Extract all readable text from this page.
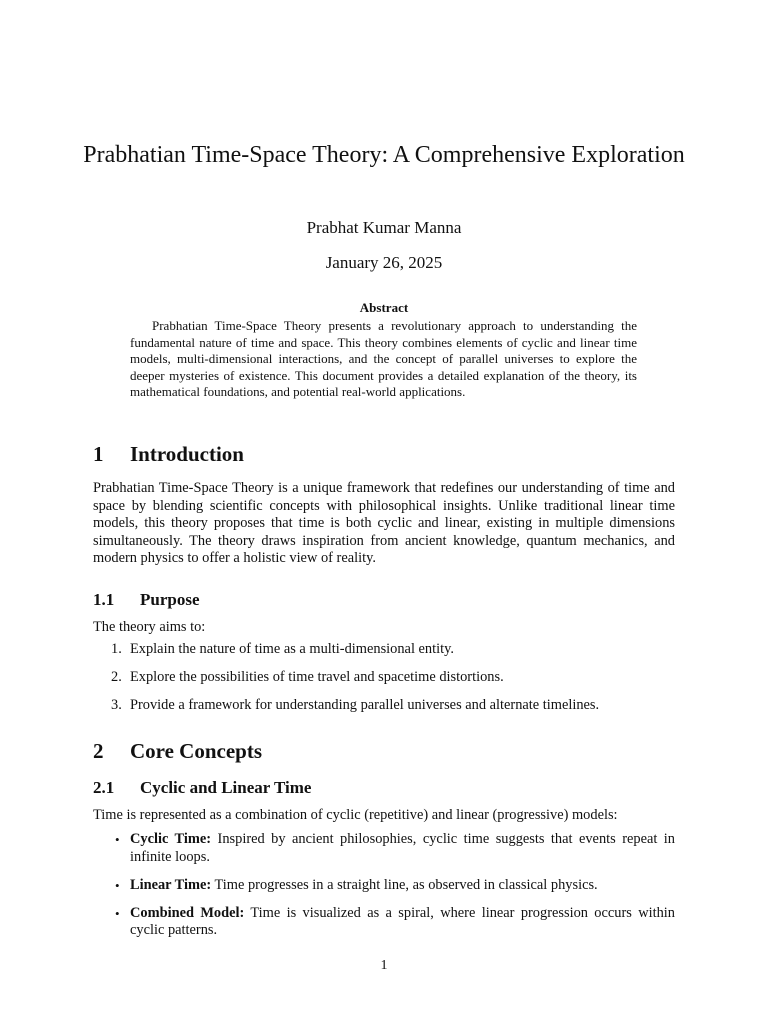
Prabhatian Time-Space Theory: A Comprehensive Exploration
Prabhat Kumar Manna
January 26, 2025
Abstract
Prabhatian Time-Space Theory presents a revolutionary approach to understanding the fundamental nature of time and space. This theory combines elements of cyclic and linear time models, multi-dimensional interactions, and the concept of parallel universes to explore the deeper mysteries of existence. This document provides a detailed explanation of the theory, its mathematical foundations, and potential real-world applications.
1 Introduction
Prabhatian Time-Space Theory is a unique framework that redefines our understanding of time and space by blending scientific concepts with philosophical insights. Unlike traditional linear time models, this theory proposes that time is both cyclic and linear, existing in multiple dimensions simultaneously. The theory draws inspiration from ancient knowledge, quantum mechanics, and modern physics to offer a holistic view of reality.
1.1 Purpose
The theory aims to:
1. Explain the nature of time as a multi-dimensional entity.
2. Explore the possibilities of time travel and spacetime distortions.
3. Provide a framework for understanding parallel universes and alternate timelines.
2 Core Concepts
2.1 Cyclic and Linear Time
Time is represented as a combination of cyclic (repetitive) and linear (progressive) models:
• Cyclic Time: Inspired by ancient philosophies, cyclic time suggests that events repeat in infinite loops.
• Linear Time: Time progresses in a straight line, as observed in classical physics.
• Combined Model: Time is visualized as a spiral, where linear progression occurs within cyclic patterns.
1
